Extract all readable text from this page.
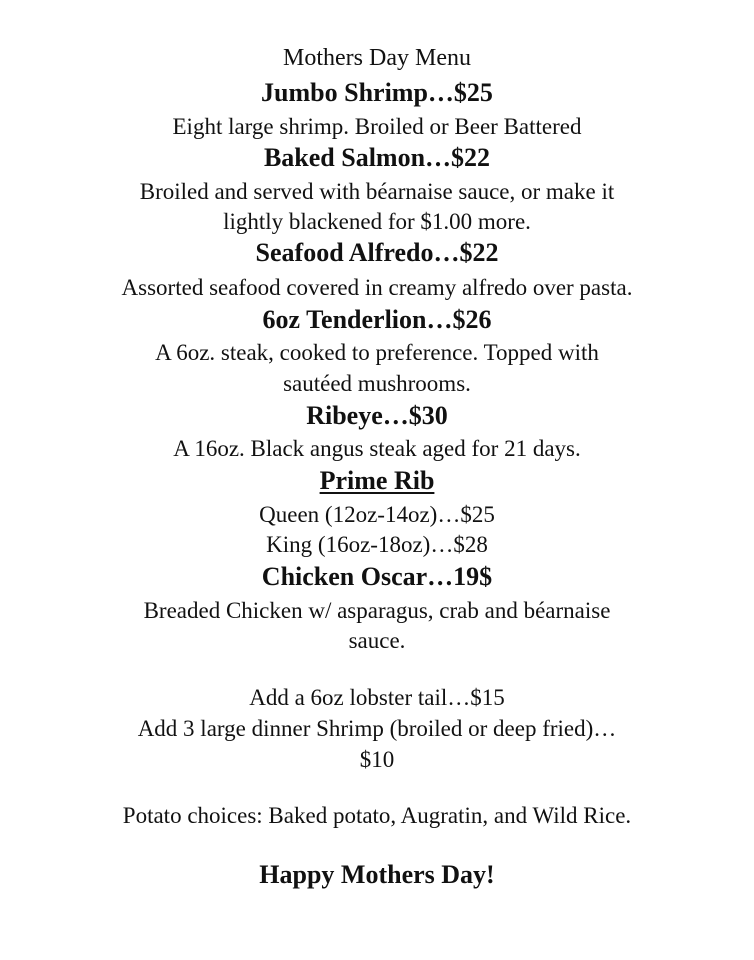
Mothers Day Menu
Jumbo Shrimp…$25
Eight large shrimp. Broiled or Beer Battered
Baked Salmon…$22
Broiled and served with béarnaise sauce, or make it
lightly blackened for $1.00 more.
Seafood Alfredo…$22
Assorted seafood covered in creamy alfredo over pasta.
6oz Tenderlion…$26
A 6oz. steak, cooked to preference. Topped with
sautéed mushrooms.
Ribeye…$30
A 16oz. Black angus steak aged for 21 days.
Prime Rib
Queen (12oz-14oz)…$25
King (16oz-18oz)…$28
Chicken Oscar…19$
Breaded Chicken w/ asparagus, crab and béarnaise
sauce.
Add a 6oz lobster tail…$15
Add 3 large dinner Shrimp (broiled or deep fried)…
$10
Potato choices: Baked potato, Augratin, and Wild Rice.
Happy Mothers Day!
